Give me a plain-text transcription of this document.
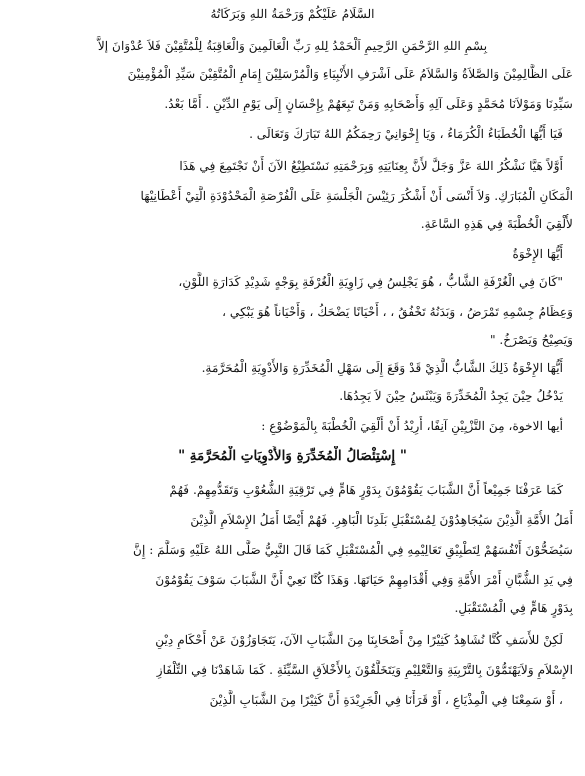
السَّلَامُ عَلَيْكُمْ وَرَحْمَةُ اللهِ وَبَرَكَاتُهُ
بِسْمِ اللهِ الرَّحْمَنِ الرَّحِيمِ اَلْحَمْدُ لِلهِ رَبِّ الْعَالَمِينَ وَالْعَاقِبَةُ لِلْمُتَّقِيْنَ فَلاَ عُدْوَانَ إلاَّ
عَلَى الظَّالِمِيْنَ وَالصَّلاَةُ وَالسَّلاَمُ عَلَى اَشْرَفِ الأَنْبِيَاءِ وَالْمُرْسَلِيْنَ إِمَامِ الْمُتَّقِيْنَ سَيِّدِ الْمُؤْمِنِيْنَ
سَيِّدِنَا وَمَوْلاَنَا مُحَمَّدٍ وَعَلَى آلِهِ وَأَصْحَابِهِ وَمَنْ تَبِعَهُمْ بِإِحْسَانٍ إِلَى يَوْمِ الدِّيْنِ . أَمَّا بَعْدُ.
فَيَا أَيُّهَا الْخُطَبَاءُ الْكُرَمَاءُ ، وَيَا إِخْوَانِيْ رَحِمَكُمُ اللهُ تَبَارَكَ وَتَعَالَى .
أَوَّلاً هَيَّا نَشْكُرُ اللهَ عَزَّ وَجَلَّ لأَنَّ بِعِنَايَتِهِ وَبِرَحْمَتِهِ نَسْتَطِيْعُ الآنَ أَنْ نَجْتَمِعَ فِي هَذَا
الْمَكَانِ الْمُبَارَكِ. وَلاَ أَنْسَى أَنْ أَشْكُرَ رَئِيْسَ الْجَلْسَةِ عَلَى الْفُرْصَةِ الْمَحْدُوْدَةِ الَّتِيْ أَعْطَانِيْهَا
لأُلْقِيَ الْخُطْبَةَ فِي هَذِهِ السَّاعَةِ.
أَيُّهَا الإِخْوَةُ
"كَانَ فِي الْغُرْفَةِ الشَّابُّ ، هُوَ يَجْلِسُ فِي زَاوِيَةِ الْغُرْفَةِ بِوَجْهٍ شَدِيْدِ كَدَارَةِ اللَّوْنِ،
وَعِظَامُ جِسْمِهِ تَمْرَضُ ، وَبَدَنُهُ تَخْفُقُ ، ، أَحْيَانًا يَضْحَكُ ، وَأَحْيَاناً هُوَ يَبْكِي ،
وَيَصِيْحُ وَيَصْرَخُ. "
أَيُّهَا الإِخْوَةُ ذَلِكَ الشَّابُّ الَّذِيْ قَدْ وَقَعَ إِلَى سَهْلِ الْمُخَدِّرَةِ وَالأَدْوِيَةِ الْمُحَرَّمَةِ.
يَدْخُلُ حِيْنَ يَجِدُ الْمُخَدِّرَةَ وَيَبْئَسُ حِيْنَ لاَ يَجِدُهَا.
أيها الاخوة، مِنَ التَّزْيِيْنِ آنِفًا، أُرِيْدُ أَنْ أُلْقِيَ الْخُطْبَةَ بِالْمَوْضُوْعِ :
" إِسْتِئْصَالُ الْمُخَدِّرَةِ وَالأَدْوِيَاتِ الْمُحَرَّمَةِ "
كَمَا عَرَفْنَا جَمِيْعاً أَنَّ الشَّبَابَ يَقُوْمُوْنَ بِدَوْرٍ هَامٍّ فِي تَرْقِيَةِ الشُّعُوْبِ وَتَقَدُّمِهِمْ. فَهُمْ
أَمَلُ الأُمَّةِ الَّذِيْنَ سَيُجَاهِدُوْنَ لِمُسْتَقْبَلِ بَلَدِنَا الْبَاهِرِ. فَهُمْ أَيْضًا أَمَلُ الإِسْلاَمِ الَّذِيْنَ
سَيُضَحُّوْنَ أَنْفُسَهُمْ لِتَطْبِيْقِ تَعَالِيْمِهِ فِي الْمُسْتَقْبَلِ كَمَا قَالَ النَّبِيُّ صَلَّى اللهُ عَلَيْهِ وَسَلَّمَ : إِنَّ
فِي يَدِ الشُّبَّانِ أَمْرَ الأُمَّةِ وَفِي أَقْدَامِهِمْ حَيَاتَهَا. وَهَذَا كُنَّا نَعِيْ أَنَّ الشَّبَابَ سَوْفَ يَقُوْمُوْنَ
بِدَوْرٍ هَامٍّ فِي الْمُسْتَقْبَلِ.
لَكِنْ للأَسَفِ كُنَّا نُشَاهِدُ كَثِيْرًا مِنْ أَصْحَابِنَا مِنَ الشَّبَابِ الآنَ، يَتَجَاوَزُوْنَ عَنْ أَحْكَامِ دِيْنِ
الإِسْلاَمِ وَلاَيَهْتَمُّوْنَ بِالتَّرْبِيَةِ وَالتَّعْلِيْمِ وَيَتَخَلَّقُوْنَ بِالأَخْلاَقِ السَّيِّئَةِ . كَمَا شَاهَدْنَا فِي التِّلْفَازِ
، أَوْ سَمِعْنَا فِي الْمِذْيَاعِ ، أَوْ قَرَأْنَا فِي الْجَرِيْدَةِ أَنَّ كَثِيْرًا مِنَ الشَّبَابِ الَّذِيْنَ
